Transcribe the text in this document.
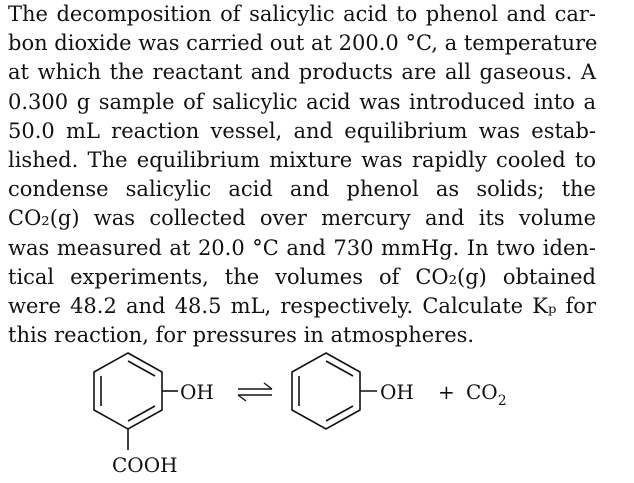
The decomposition of salicylic acid to phenol and car-
bon dioxide was carried out at 200.0 °C, a temperature
at which the reactant and products are all gaseous. A
0.300 g sample of salicylic acid was introduced into a
50.0 mL reaction vessel, and equilibrium was estab-
lished. The equilibrium mixture was rapidly cooled to
condense salicylic acid and phenol as solids; the
CO₂(g) was collected over mercury and its volume
was measured at 20.0 °C and 730 mmHg. In two iden-
tical experiments, the volumes of CO₂(g) obtained
were 48.2 and 48.5 mL, respectively. Calculate Kₚ for
this reaction, for pressures in atmospheres.
OH
COOH
OH + $CO_2$
